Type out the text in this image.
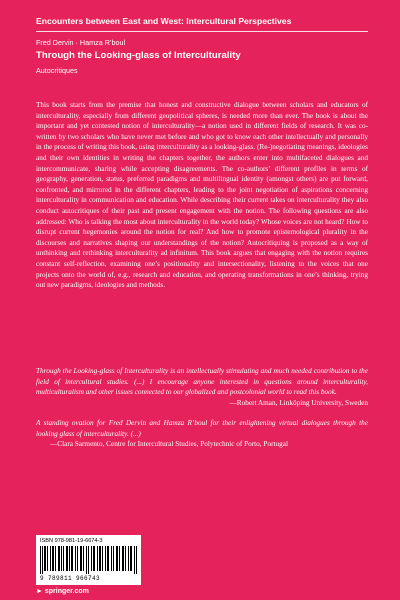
Encounters between East and West: Intercultural Perspectives
Fred Dervin · Hamza R’boul
Through the Looking-glass of Interculturality
Autocritiques

This book starts from the premise that honest and constructive dialogue between scholars and educators of interculturality, especially from different geopolitical spheres, is needed more than ever. The book is about the important and yet contested notion of interculturality—a notion used in different fields of research. It was co-written by two scholars who have never met before and who got to know each other intellectually and personally in the process of writing this book, using interculturality as a looking-glass. (Re-)negotiating meanings, ideologies and their own identities in writing the chapters together, the authors enter into multifaceted dialogues and intercommunicate, sharing while accepting disagreements. The co-authors’ different profiles in terms of geography, generation, status, preferred paradigms and multilingual identity (amongst others) are put forward, confronted, and mirrored in the different chapters, leading to the joint negotiation of aspirations concerning interculturality in communication and education. While describing their current takes on interculturality they also conduct autocritiques of their past and present engagement with the notion. The following questions are also addressed: Who is talking the most about interculturality in the world today? Whose voices are not heard? How to disrupt current hegemonies around the notion for real? And how to promote epistemological plurality in the discourses and narratives shaping our understandings of the notion? Autocritiquing is proposed as a way of unthinking and rethinking interculturality ad infinitum. This book argues that engaging with the notion requires constant self-reflection, examining one’s positionality and intersectionality, listening to the voices that one projects onto the world of, e.g., research and education, and operating transformations in one’s thinking, trying out new paradigms, ideologies and methods.

Through the Looking-glass of Interculturality is an intellectually stimulating and much needed contribution to the field of intercultural studies. (...) I encourage anyone interested in questions around interculturality, multiculturalism and other issues connected to our globalized and postcolonial world to read this book.
—Robert Aman, Linköping University, Sweden
A standing ovation for Fred Dervin and Hamza R’boul for their enlightening virtual dialogues through the looking glass of interculturality. (...)
—Clara Sarmento, Centre for Intercultural Studies, Polytechnic of Porto, Portugal
ISBN 978-981-19-6674-3
9 789811 966743
► springer.com
